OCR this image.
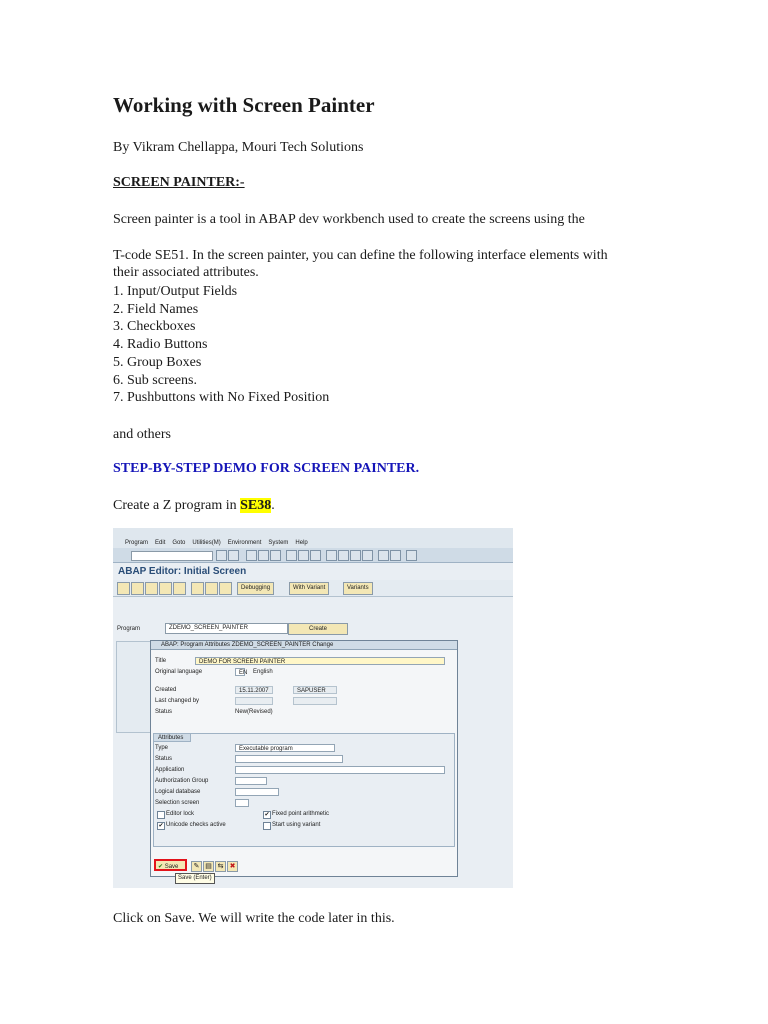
Working with Screen Painter
By Vikram Chellappa, Mouri Tech Solutions
SCREEN PAINTER:-
Screen painter is a tool in ABAP dev workbench used to create the screens using the
T-code SE51. In the screen painter, you can define the following interface elements with
their associated attributes.
1. Input/Output Fields
2. Field Names
3. Checkboxes
4. Radio Buttons
5. Group Boxes
6. Sub screens.
7. Pushbuttons with No Fixed Position
and others
STEP-BY-STEP DEMO FOR SCREEN PAINTER.
Create a Z program in SE38.
Program Edit Goto Utilities(M) Environment System Help
ABAP Editor: Initial Screen
Debugging	With Variant	Variants
Program	ZDEMO_SCREEN_PAINTER	Create
ABAP: Program Attributes ZDEMO_SCREEN_PAINTER Change
Title	DEMO FOR SCREEN PAINTER
Original language	EN English
Created	15.11.2007	SAPUSER
Last changed by
Status	New(Revised)
Attributes
Type	Executable program
Status
Application
Authorization Group
Logical database
Selection screen
Editor lock	✔ Fixed point arithmetic
✔ Unicode checks active	Start using variant
✔ Save	✎ ▤ ⇆ ✖
Save (Enter)
Click on Save. We will write the code later in this.
